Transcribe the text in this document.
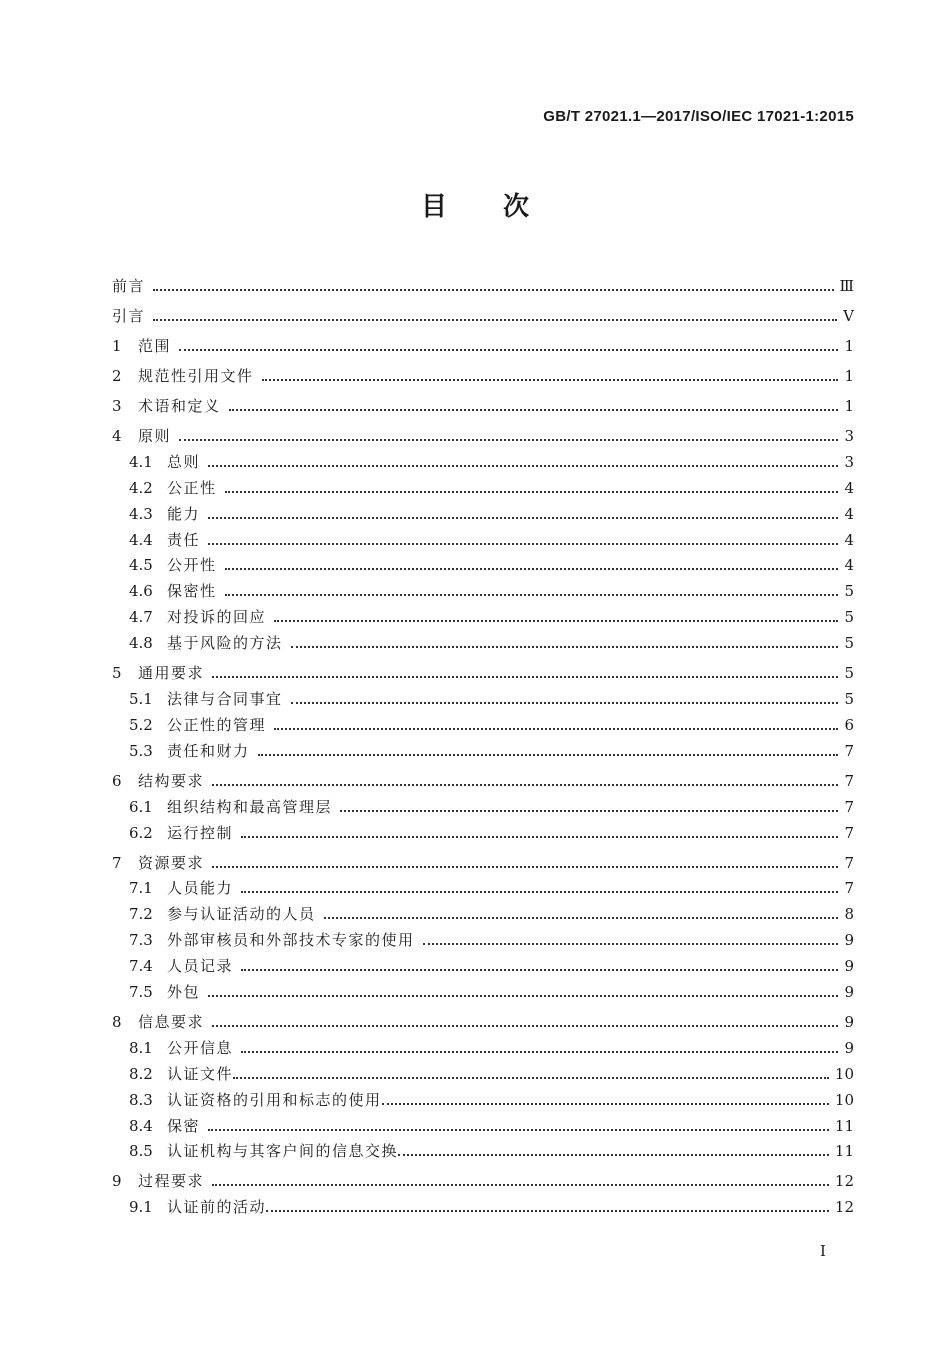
GB/T 27021.1—2017/ISO/IEC 17021-1:2015
目次
前言	Ⅲ
引言	Ⅴ
1	范围	1
2	规范性引用文件	1
3	术语和定义	1
4	原则	3
4.1 总则	3
4.2 公正性	4
4.3 能力	4
4.4 责任	4
4.5 公开性	4
4.6 保密性	5
4.7 对投诉的回应	5
4.8 基于风险的方法	5
5	通用要求	5
5.1 法律与合同事宜	5
5.2 公正性的管理	6
5.3 责任和财力	7
6	结构要求	7
6.1 组织结构和最高管理层	7
6.2 运行控制	7
7	资源要求	7
7.1 人员能力	7
7.2 参与认证活动的人员	8
7.3 外部审核员和外部技术专家的使用	9
7.4 人员记录	9
7.5 外包	9
8	信息要求	9
8.1 公开信息	9
8.2 认证文件	10
8.3 认证资格的引用和标志的使用	10
8.4 保密	11
8.5 认证机构与其客户间的信息交换	11
9	过程要求	12
9.1 认证前的活动	12
I
